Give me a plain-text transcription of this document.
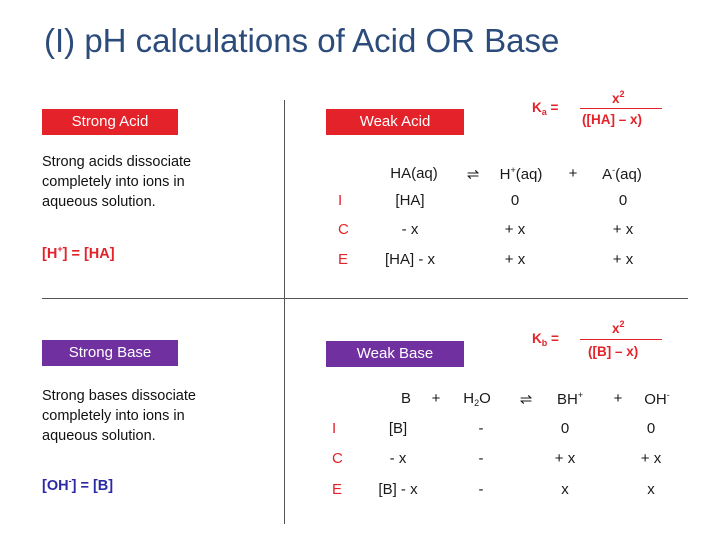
(I) pH calculations of Acid OR Base
Strong Acid
Strong acids dissociate
completely into ions in
aqueous solution.
[H+] = [HA]
Weak Acid
$K_a$ =
$x^2$
([HA] – x)
HA(aq)	⇌	H+(aq)	+	A-(aq)
I	[HA]	0	0
C	- x	+ x	+ x
E	[HA] - x	+ x	+ x
Strong Base
Strong bases dissociate
completely into ions in
aqueous solution.
[OH-] = [B]
Weak Base
$K_b$ =
$x^2$
([B] – x)
B	+	$H_2O$	⇌	BH+	+	OH-
I	[B]	-	0	0
C	- x	-	+ x	+ x
E	[B] - x	-	x	x
